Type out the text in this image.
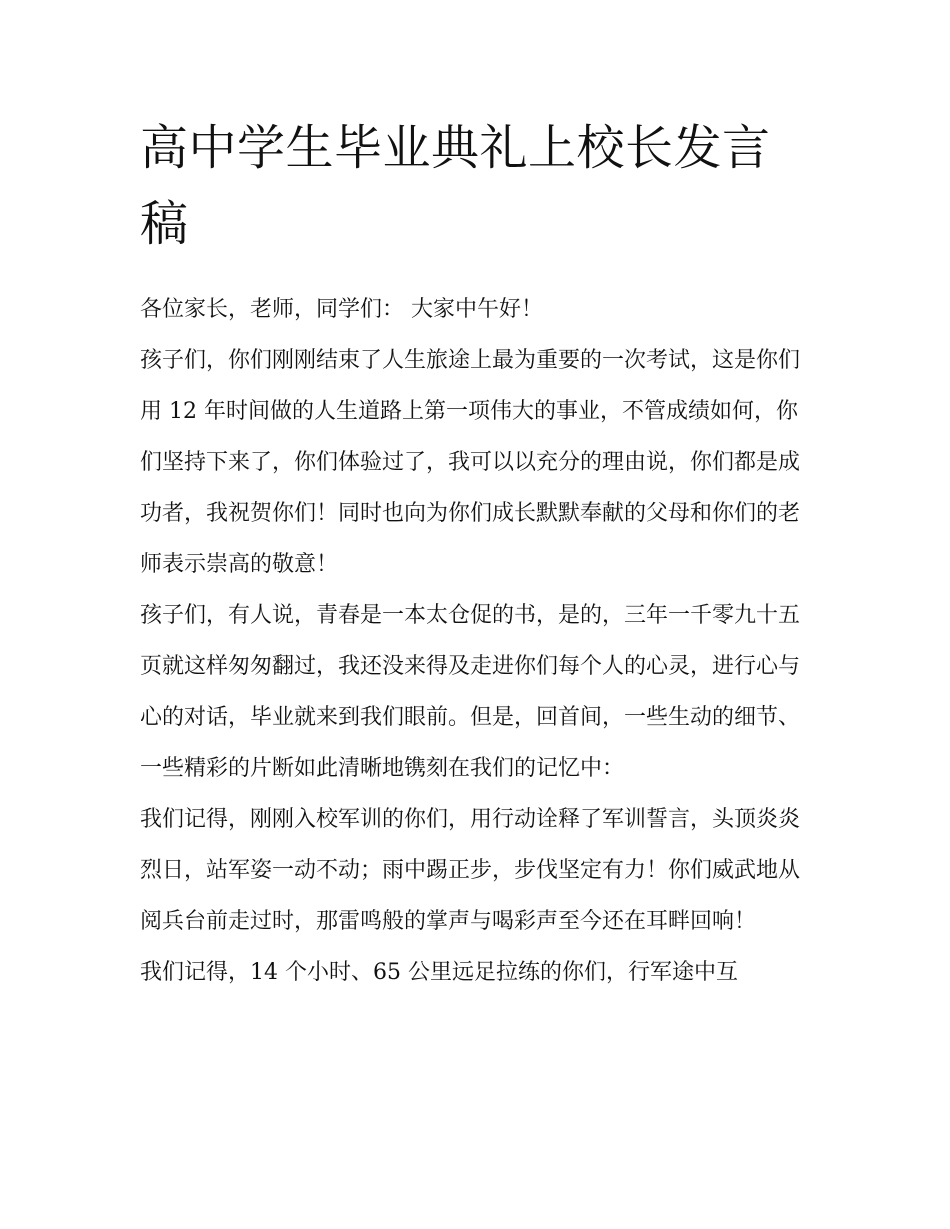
高中学生毕业典礼上校长发言稿

各位家长，老师，同学们： 大家中午好！

孩子们，你们刚刚结束了人生旅途上最为重要的一次考试，这是你们用 12 年时间做的人生道路上第一项伟大的事业，不管成绩如何，你们坚持下来了，你们体验过了，我可以以充分的理由说，你们都是成功者，我祝贺你们！同时也向为你们成长默默奉献的父母和你们的老师表示崇高的敬意！

孩子们，有人说，青春是一本太仓促的书，是的，三年一千零九十五页就这样匆匆翻过，我还没来得及走进你们每个人的心灵，进行心与心的对话，毕业就来到我们眼前。但是，回首间，一些生动的细节、一些精彩的片断如此清晰地镌刻在我们的记忆中：

我们记得，刚刚入校军训的你们，用行动诠释了军训誓言，头顶炎炎烈日，站军姿一动不动；雨中踢正步，步伐坚定有力！你们威武地从阅兵台前走过时，那雷鸣般的掌声与喝彩声至今还在耳畔回响！

我们记得，14 个小时、65 公里远足拉练的你们，行军途中互
